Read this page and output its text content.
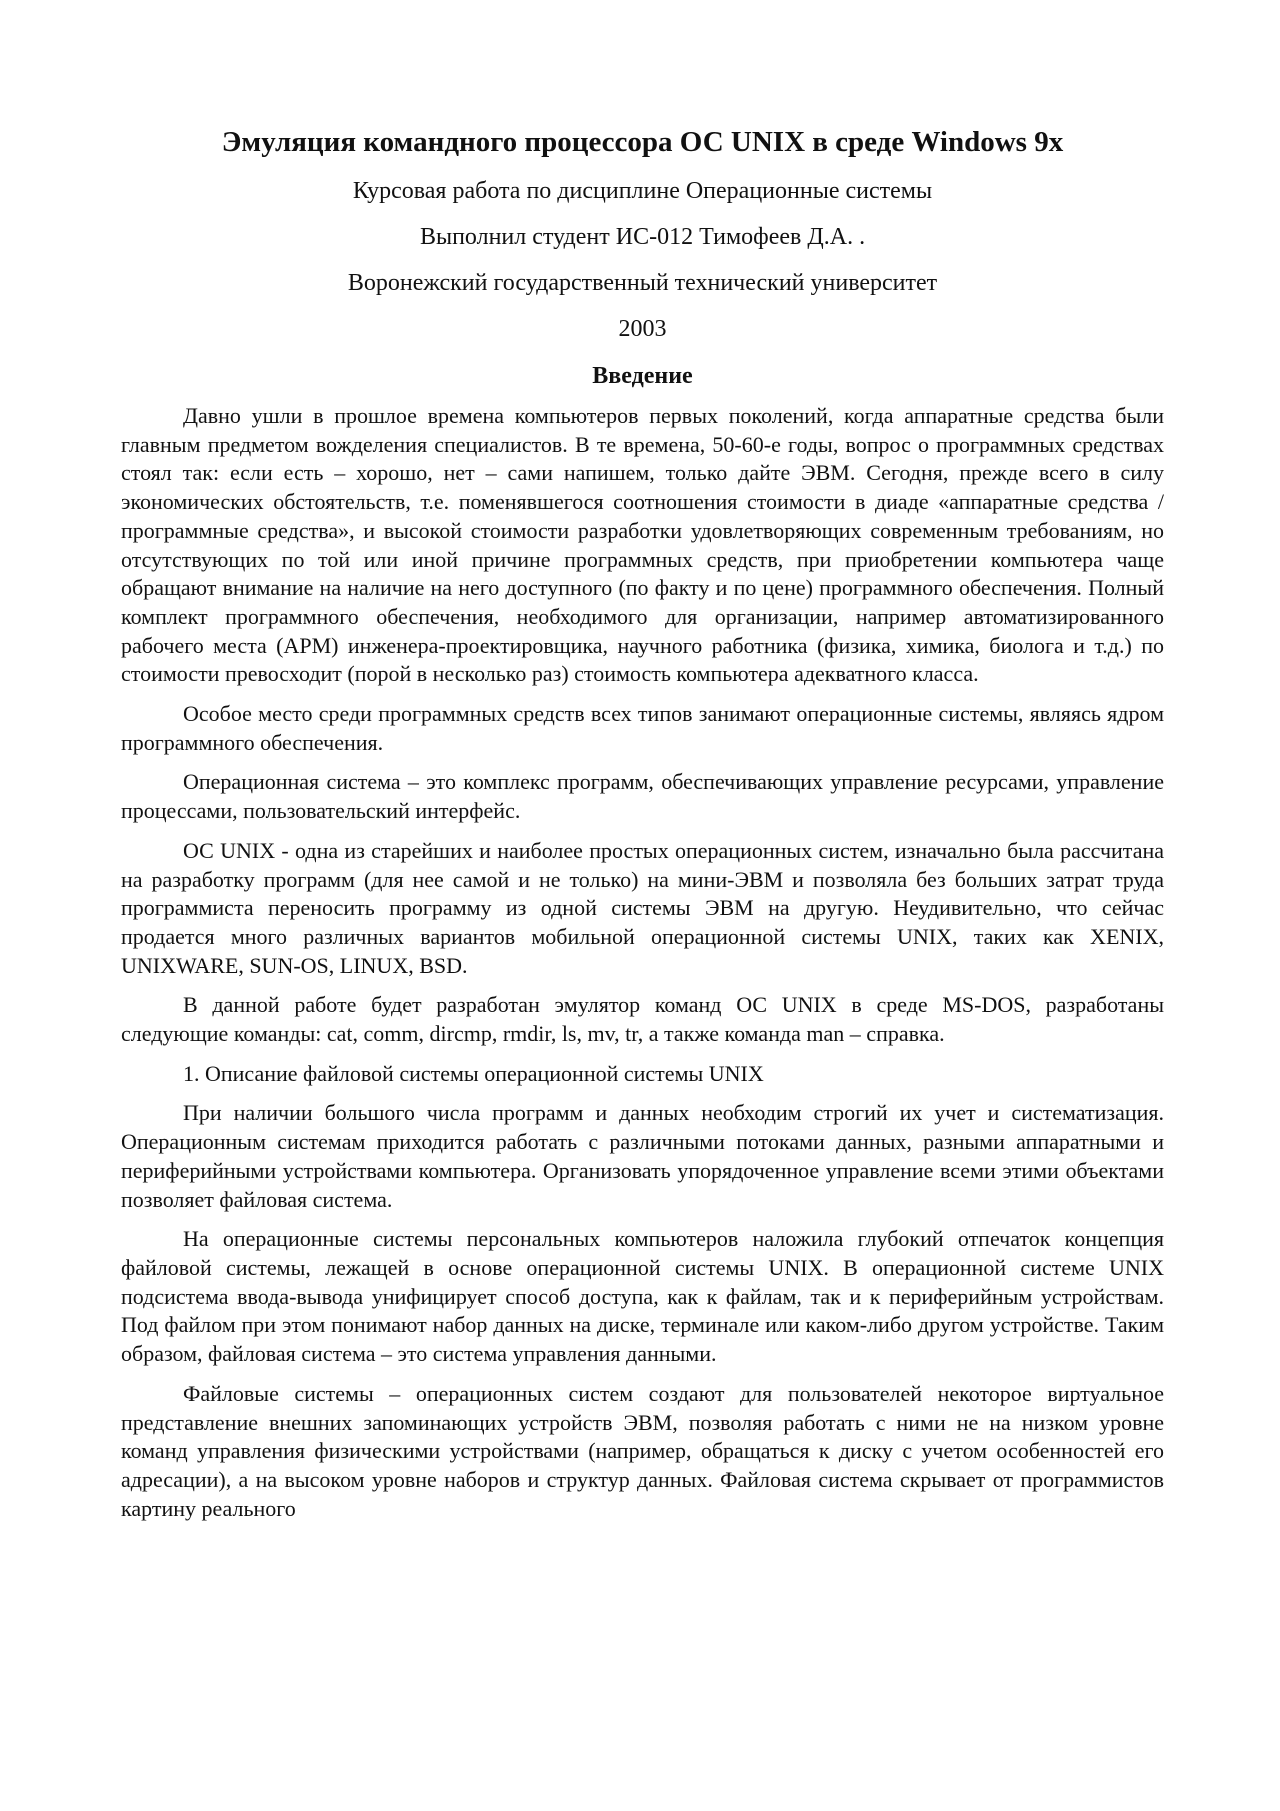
Эмуляция командного процессора ОС UNIX в среде Windows 9x
Курсовая работа по дисциплине Операционные системы
Выполнил студент ИС-012 Тимофеев Д.А. .
Воронежский государственный технический университет
2003
Введение

Давно ушли в прошлое времена компьютеров первых поколений, когда аппаратные средства были главным предметом вожделения специалистов. В те времена, 50-60-е годы, вопрос о программных средствах стоял так: если есть – хорошо, нет – сами напишем, только дайте ЭВМ. Сегодня, прежде всего в силу экономических обстоятельств, т.е. поменявшегося соотношения стоимости в диаде «аппаратные средства / программные средства», и высокой стоимости разработки удовлетворяющих современным требованиям, но отсутствующих по той или иной причине программных средств, при приобретении компьютера чаще обращают внимание на наличие на него доступного (по факту и по цене) программного обеспечения. Полный комплект программного обеспечения, необходимого для организации, например автоматизированного рабочего места (АРМ) инженера-проектировщика, научного работника (физика, химика, биолога и т.д.) по стоимости превосходит (порой в несколько раз) стоимость компьютера адекватного класса.

Особое место среди программных средств всех типов занимают операционные системы, являясь ядром программного обеспечения.

Операционная система – это комплекс программ, обеспечивающих управление ресурсами, управление процессами, пользовательский интерфейс.

ОС UNIX - одна из старейших и наиболее простых операционных систем, изначально была рассчитана на разработку программ (для нее самой и не только) на мини-ЭВМ и позволяла без больших затрат труда программиста переносить программу из одной системы ЭВМ на другую. Неудивительно, что сейчас продается много различных вариантов мобильной операционной системы UNIX, таких как XENIX, UNIXWARE, SUN-OS, LINUX, BSD.

В данной работе будет разработан эмулятор команд ОС UNIX в среде MS-DOS, разработаны следующие команды: cat, comm, dircmp, rmdir, ls, mv, tr, а также команда man – справка.

1. Описание файловой системы операционной системы UNIX

При наличии большого числа программ и данных необходим строгий их учет и систематизация. Операционным системам приходится работать с различными потоками данных, разными аппаратными и периферийными устройствами компьютера. Организовать упорядоченное управление всеми этими объектами позволяет файловая система.

На операционные системы персональных компьютеров наложила глубокий отпечаток концепция файловой системы, лежащей в основе операционной системы UNIX. В операционной системе UNIX подсистема ввода-вывода унифицирует способ доступа, как к файлам, так и к периферийным устройствам. Под файлом при этом понимают набор данных на диске, терминале или каком-либо другом устройстве. Таким образом, файловая система – это система управления данными.

Файловые системы – операционных систем создают для пользователей некоторое виртуальное представление внешних запоминающих устройств ЭВМ, позволяя работать с ними не на низком уровне команд управления физическими устройствами (например, обращаться к диску с учетом особенностей его адресации), а на высоком уровне наборов и структур данных. Файловая система скрывает от программистов картину реального
